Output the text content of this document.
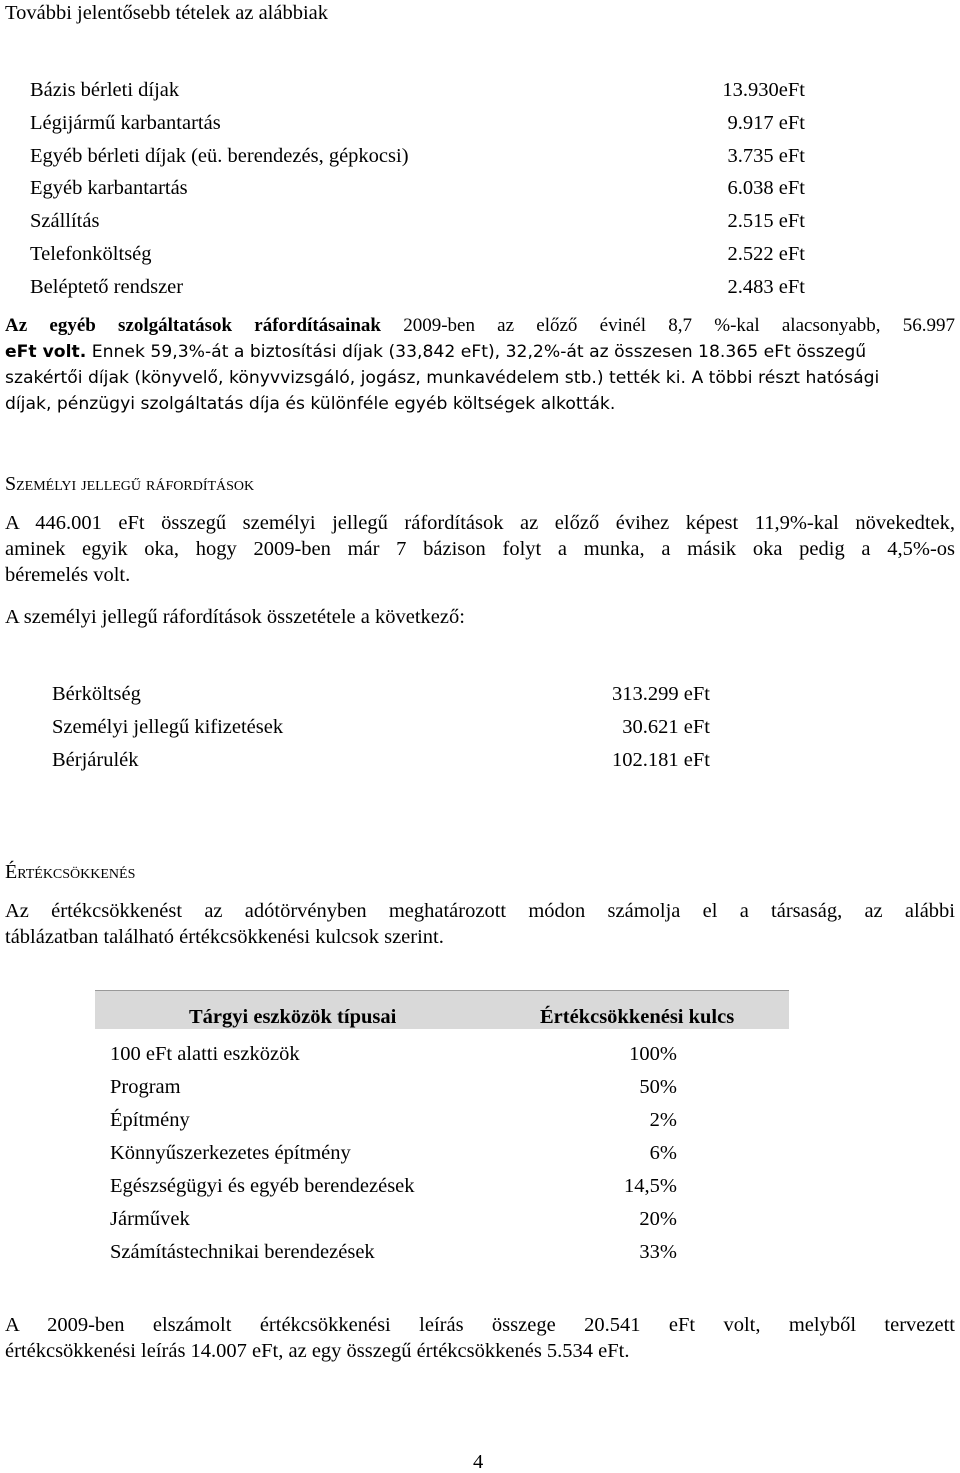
További jelentősebb tételek az alábbiak
Bázis bérleti díjak	13.930eFt
Légijármű karbantartás	9.917 eFt
Egyéb bérleti díjak (eü. berendezés, gépkocsi)	3.735 eFt
Egyéb karbantartás	6.038 eFt
Szállítás	2.515 eFt
Telefonköltség	2.522 eFt
Beléptető rendszer	2.483 eFt
Az egyéb szolgáltatások ráfordításainak 2009-ben az előző évinél 8,7 %-kal alacsonyabb, 56.997
eFt volt. Ennek 59,3%-át a biztosítási díjak (33,842 eFt), 32,2%-át az összesen 18.365 eFt összegű
szakértői díjak (könyvelő, könyvvizsgáló, jogász, munkavédelem stb.) tették ki. A többi részt hatósági
díjak, pénzügyi szolgáltatás díja és különféle egyéb költségek alkották.
Személyi jellegű ráfordítások
A 446.001 eFt összegű személyi jellegű ráfordítások az előző évihez képest 11,9%-kal növekedtek,
aminek egyik oka, hogy 2009-ben már 7 bázison folyt a munka, a másik oka pedig a 4,5%-os
béremelés volt.
A személyi jellegű ráfordítások összetétele a következő:
Bérköltség	313.299 eFt
Személyi jellegű kifizetések	30.621 eFt
Bérjárulék	102.181 eFt
Értékcsökkenés
Az értékcsökkenést az adótörvényben meghatározott módon számolja el a társaság, az alábbi
táblázatban található értékcsökkenési kulcsok szerint.
Tárgyi eszközök típusai	Értékcsökkenési kulcs
100 eFt alatti eszközök	100%
Program	50%
Építmény	2%
Könnyűszerkezetes építmény	6%
Egészségügyi és egyéb berendezések	14,5%
Járművek	20%
Számítástechnikai berendezések	33%
A 2009-ben elszámolt értékcsökkenési leírás összege 20.541 eFt volt, melyből tervezett
értékcsökkenési leírás 14.007 eFt, az egy összegű értékcsökkenés 5.534 eFt.
4
